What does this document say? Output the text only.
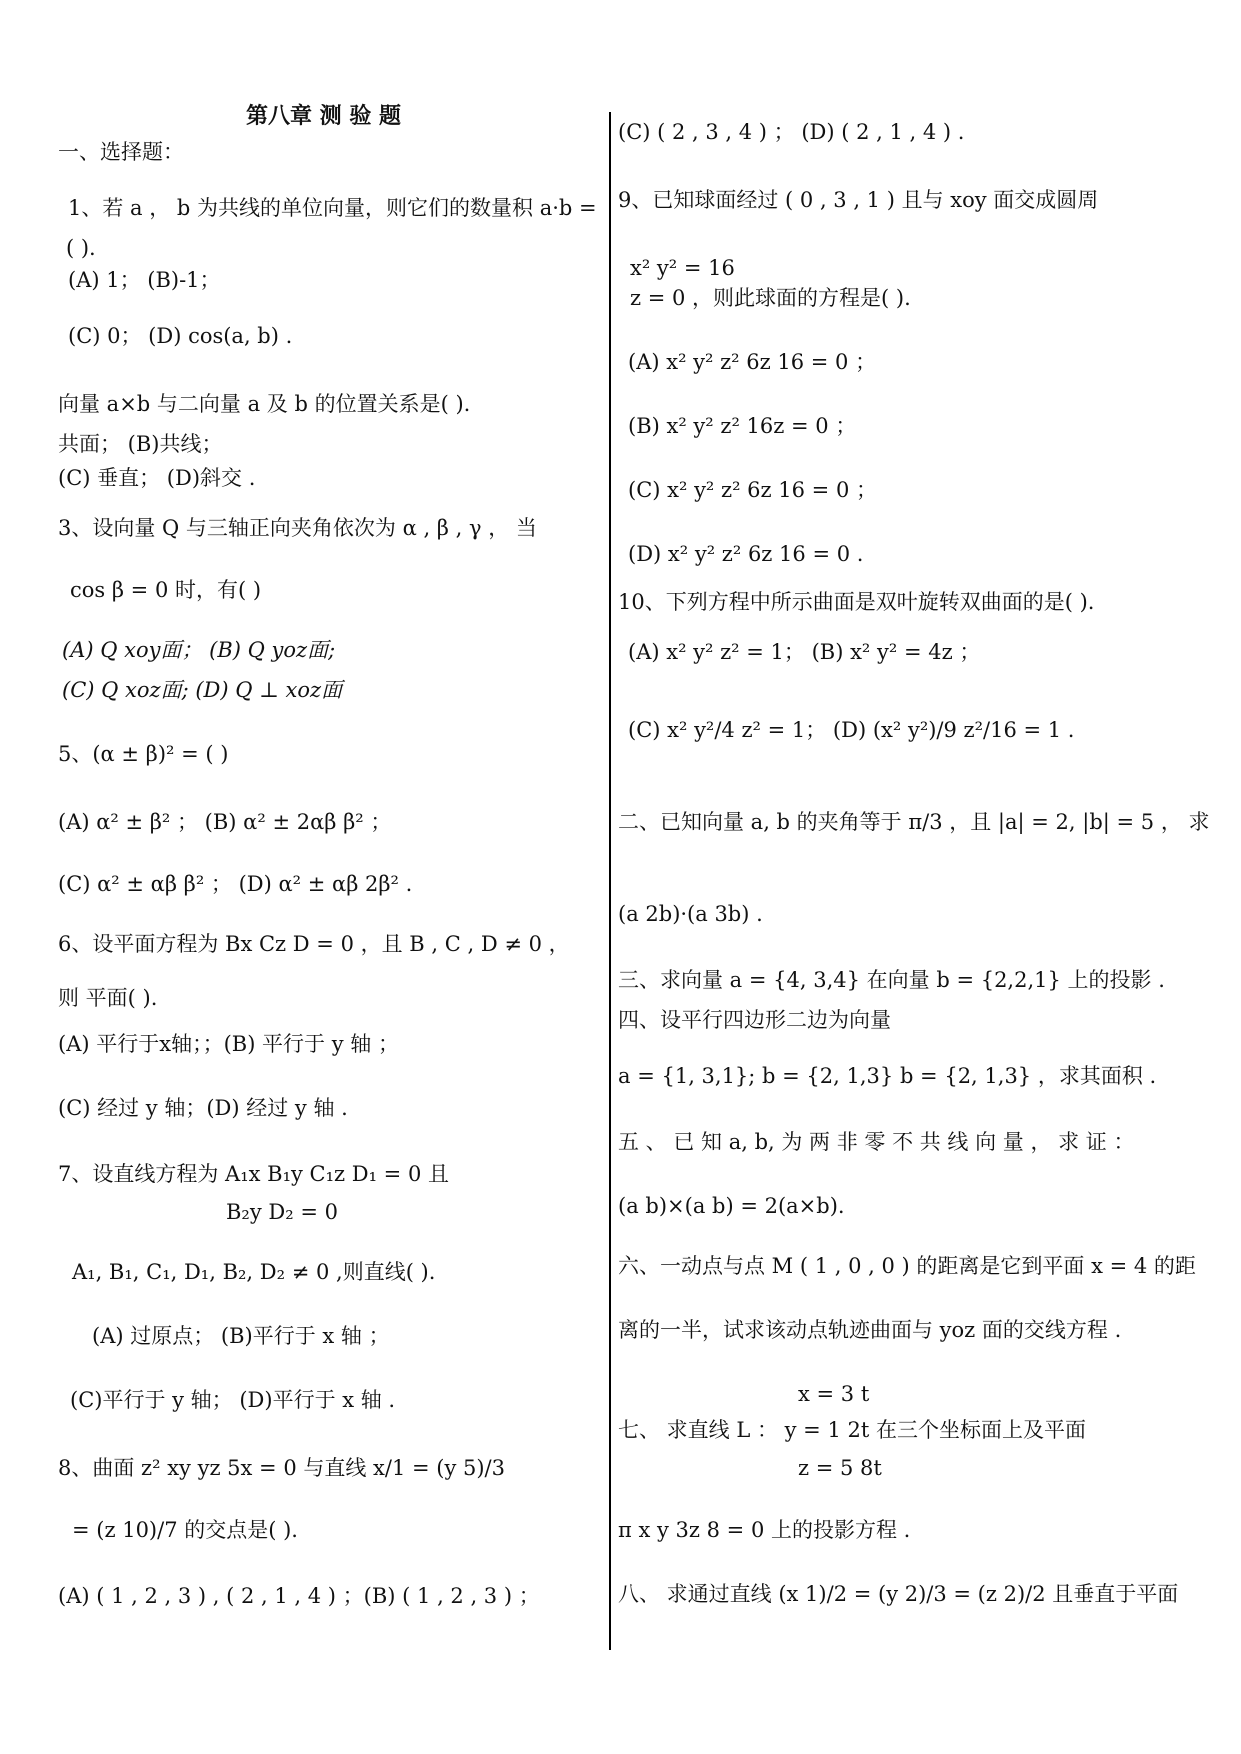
第八章 测 验 题
一、选择题：
1、若 a ， b 为共线的单位向量，则它们的数量积 a·b =
( ).
(A) 1； (B)-1；
(C) 0； (D) cos(a, b) .
向量 a×b 与二向量 a 及 b 的位置关系是( ).
共面； (B)共线；
(C) 垂直； (D)斜交 .
3、设向量 Q 与三轴正向夹角依次为 α , β , γ ， 当
cos β = 0 时，有( )
(A) Q xoy面； (B) Q yoz面;
(C) Q xoz面; (D) Q ⊥ xoz面
5、(α ± β)² = ( )
(A) α² ± β² ； (B) α² ± 2αβ β² ；
(C) α² ± αβ β² ； (D) α² ± αβ 2β² .
6、设平面方程为 Bx Cz D = 0 ，且 B , C , D ≠ 0 ，
则 平面( ).
(A) 平行于x轴；；(B) 平行于 y 轴 ；
(C) 经过 y 轴；(D) 经过 y 轴 .
7、设直线方程为 A₁x B₁y C₁z D₁ = 0 且
B₂y D₂ = 0
A₁, B₁, C₁, D₁, B₂, D₂ ≠ 0 ,则直线( ).
(A) 过原点； (B)平行于 x 轴 ；
(C)平行于 y 轴； (D)平行于 x 轴 .
8、曲面 z² xy yz 5x = 0 与直线 x/1 = (y 5)/3
= (z 10)/7 的交点是( ).
(A) ( 1 , 2 , 3 ) , ( 2 , 1 , 4 ) ；(B) ( 1 , 2 , 3 ) ；
(C) ( 2 , 3 , 4 ) ； (D) ( 2 , 1 , 4 ) .
9、已知球面经过 ( 0 , 3 , 1 ) 且与 xoy 面交成圆周
x² y² = 16
z = 0 ，则此球面的方程是( ).
(A) x² y² z² 6z 16 = 0 ；
(B) x² y² z² 16z = 0 ；
(C) x² y² z² 6z 16 = 0 ；
(D) x² y² z² 6z 16 = 0 .
10、下列方程中所示曲面是双叶旋转双曲面的是( ).
(A) x² y² z² = 1； (B) x² y² = 4z ；
(C) x² y²/4 z² = 1； (D) (x² y²)/9 z²/16 = 1 .
二、已知向量 a, b 的夹角等于 π/3 ，且 |a| = 2, |b| = 5 ， 求
(a 2b)·(a 3b) .
三、求向量 a = {4, 3,4} 在向量 b = {2,2,1} 上的投影 .
四、设平行四边形二边为向量
a = {1, 3,1}; b = {2, 1,3} b = {2, 1,3} ，求其面积 .
五 、 已 知 a, b, 为 两 非 零 不 共 线 向 量 ， 求 证 ：
(a b)×(a b) = 2(a×b).
六、一动点与点 M ( 1 , 0 , 0 ) 的距离是它到平面 x = 4 的距
离的一半，试求该动点轨迹曲面与 yoz 面的交线方程 .
x = 3 t
七、 求直线 L ： y = 1 2t 在三个坐标面上及平面
z = 5 8t
π x y 3z 8 = 0 上的投影方程 .
八、 求通过直线 (x 1)/2 = (y 2)/3 = (z 2)/2 且垂直于平面
